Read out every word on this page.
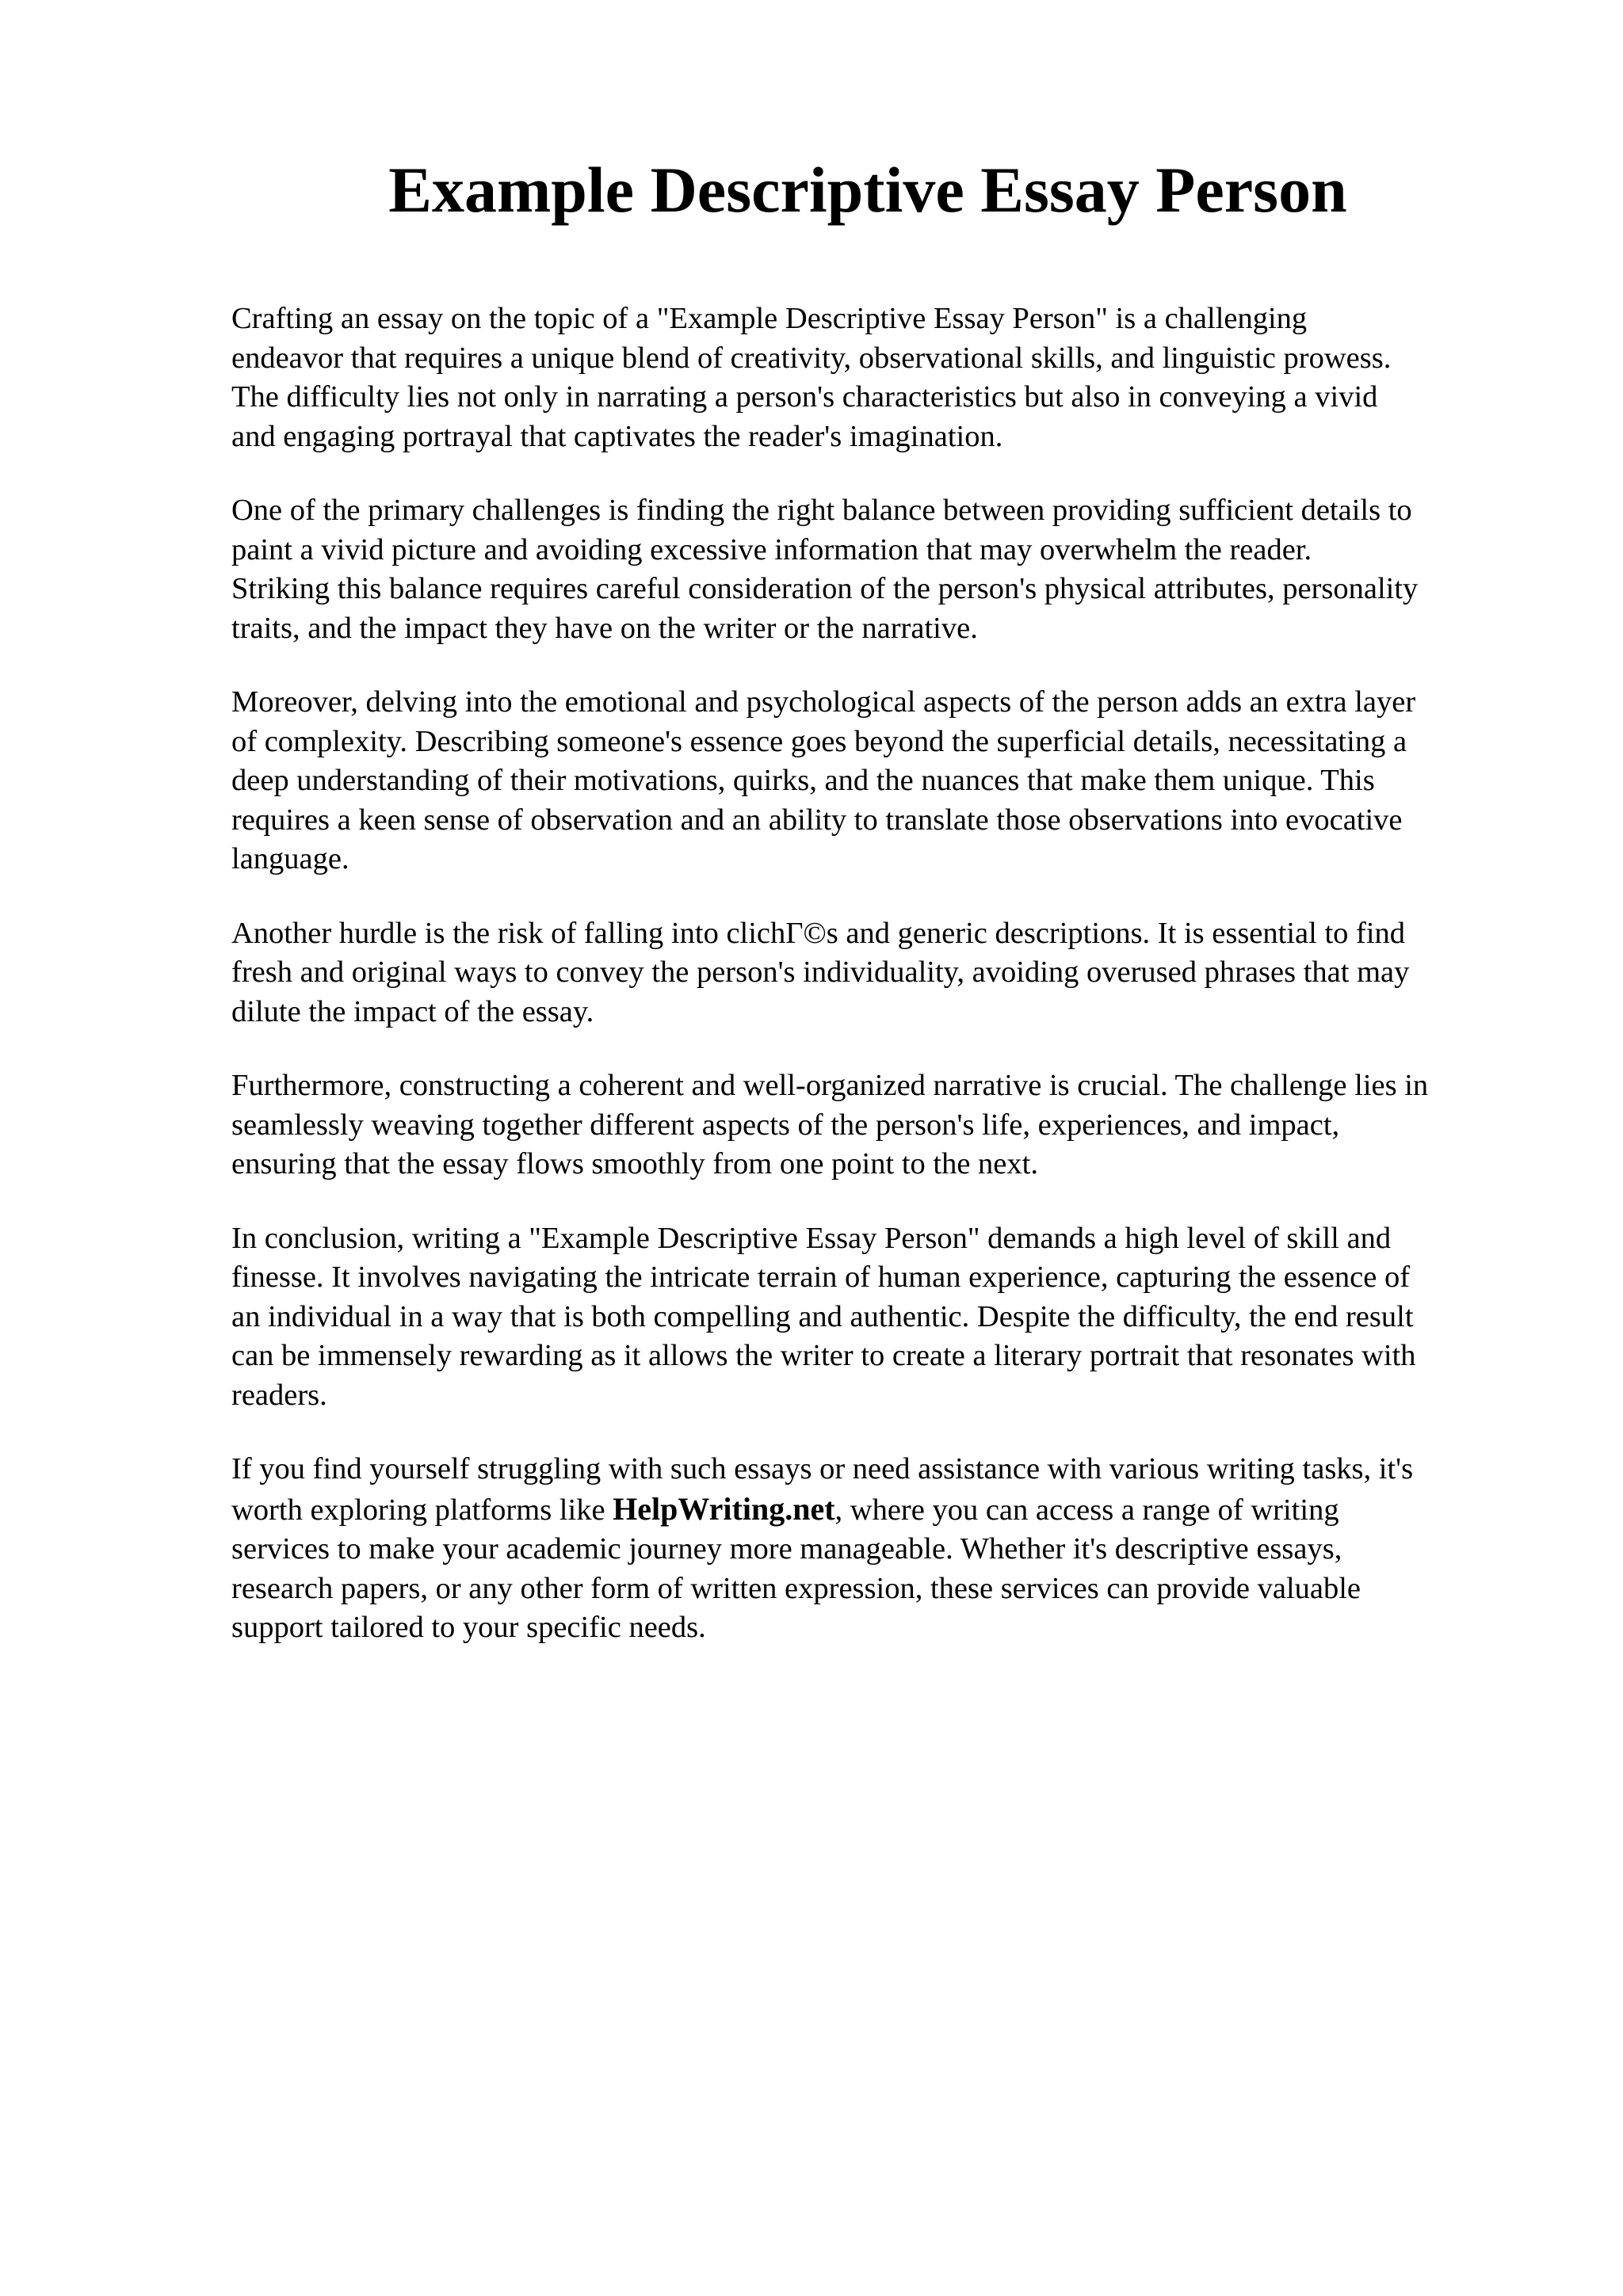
Example Descriptive Essay Person

Crafting an essay on the topic of a "Example Descriptive Essay Person" is a challenging
endeavor that requires a unique blend of creativity, observational skills, and linguistic prowess.
The difficulty lies not only in narrating a person's characteristics but also in conveying a vivid
and engaging portrayal that captivates the reader's imagination.

One of the primary challenges is finding the right balance between providing sufficient details to
paint a vivid picture and avoiding excessive information that may overwhelm the reader.
Striking this balance requires careful consideration of the person's physical attributes, personality
traits, and the impact they have on the writer or the narrative.

Moreover, delving into the emotional and psychological aspects of the person adds an extra layer
of complexity. Describing someone's essence goes beyond the superficial details, necessitating a
deep understanding of their motivations, quirks, and the nuances that make them unique. This
requires a keen sense of observation and an ability to translate those observations into evocative
language.

Another hurdle is the risk of falling into clichГ©s and generic descriptions. It is essential to find
fresh and original ways to convey the person's individuality, avoiding overused phrases that may
dilute the impact of the essay.

Furthermore, constructing a coherent and well-organized narrative is crucial. The challenge lies in
seamlessly weaving together different aspects of the person's life, experiences, and impact,
ensuring that the essay flows smoothly from one point to the next.

In conclusion, writing a "Example Descriptive Essay Person" demands a high level of skill and
finesse. It involves navigating the intricate terrain of human experience, capturing the essence of
an individual in a way that is both compelling and authentic. Despite the difficulty, the end result
can be immensely rewarding as it allows the writer to create a literary portrait that resonates with
readers.

If you find yourself struggling with such essays or need assistance with various writing tasks, it's
worth exploring platforms like HelpWriting.net, where you can access a range of writing
services to make your academic journey more manageable. Whether it's descriptive essays,
research papers, or any other form of written expression, these services can provide valuable
support tailored to your specific needs.
